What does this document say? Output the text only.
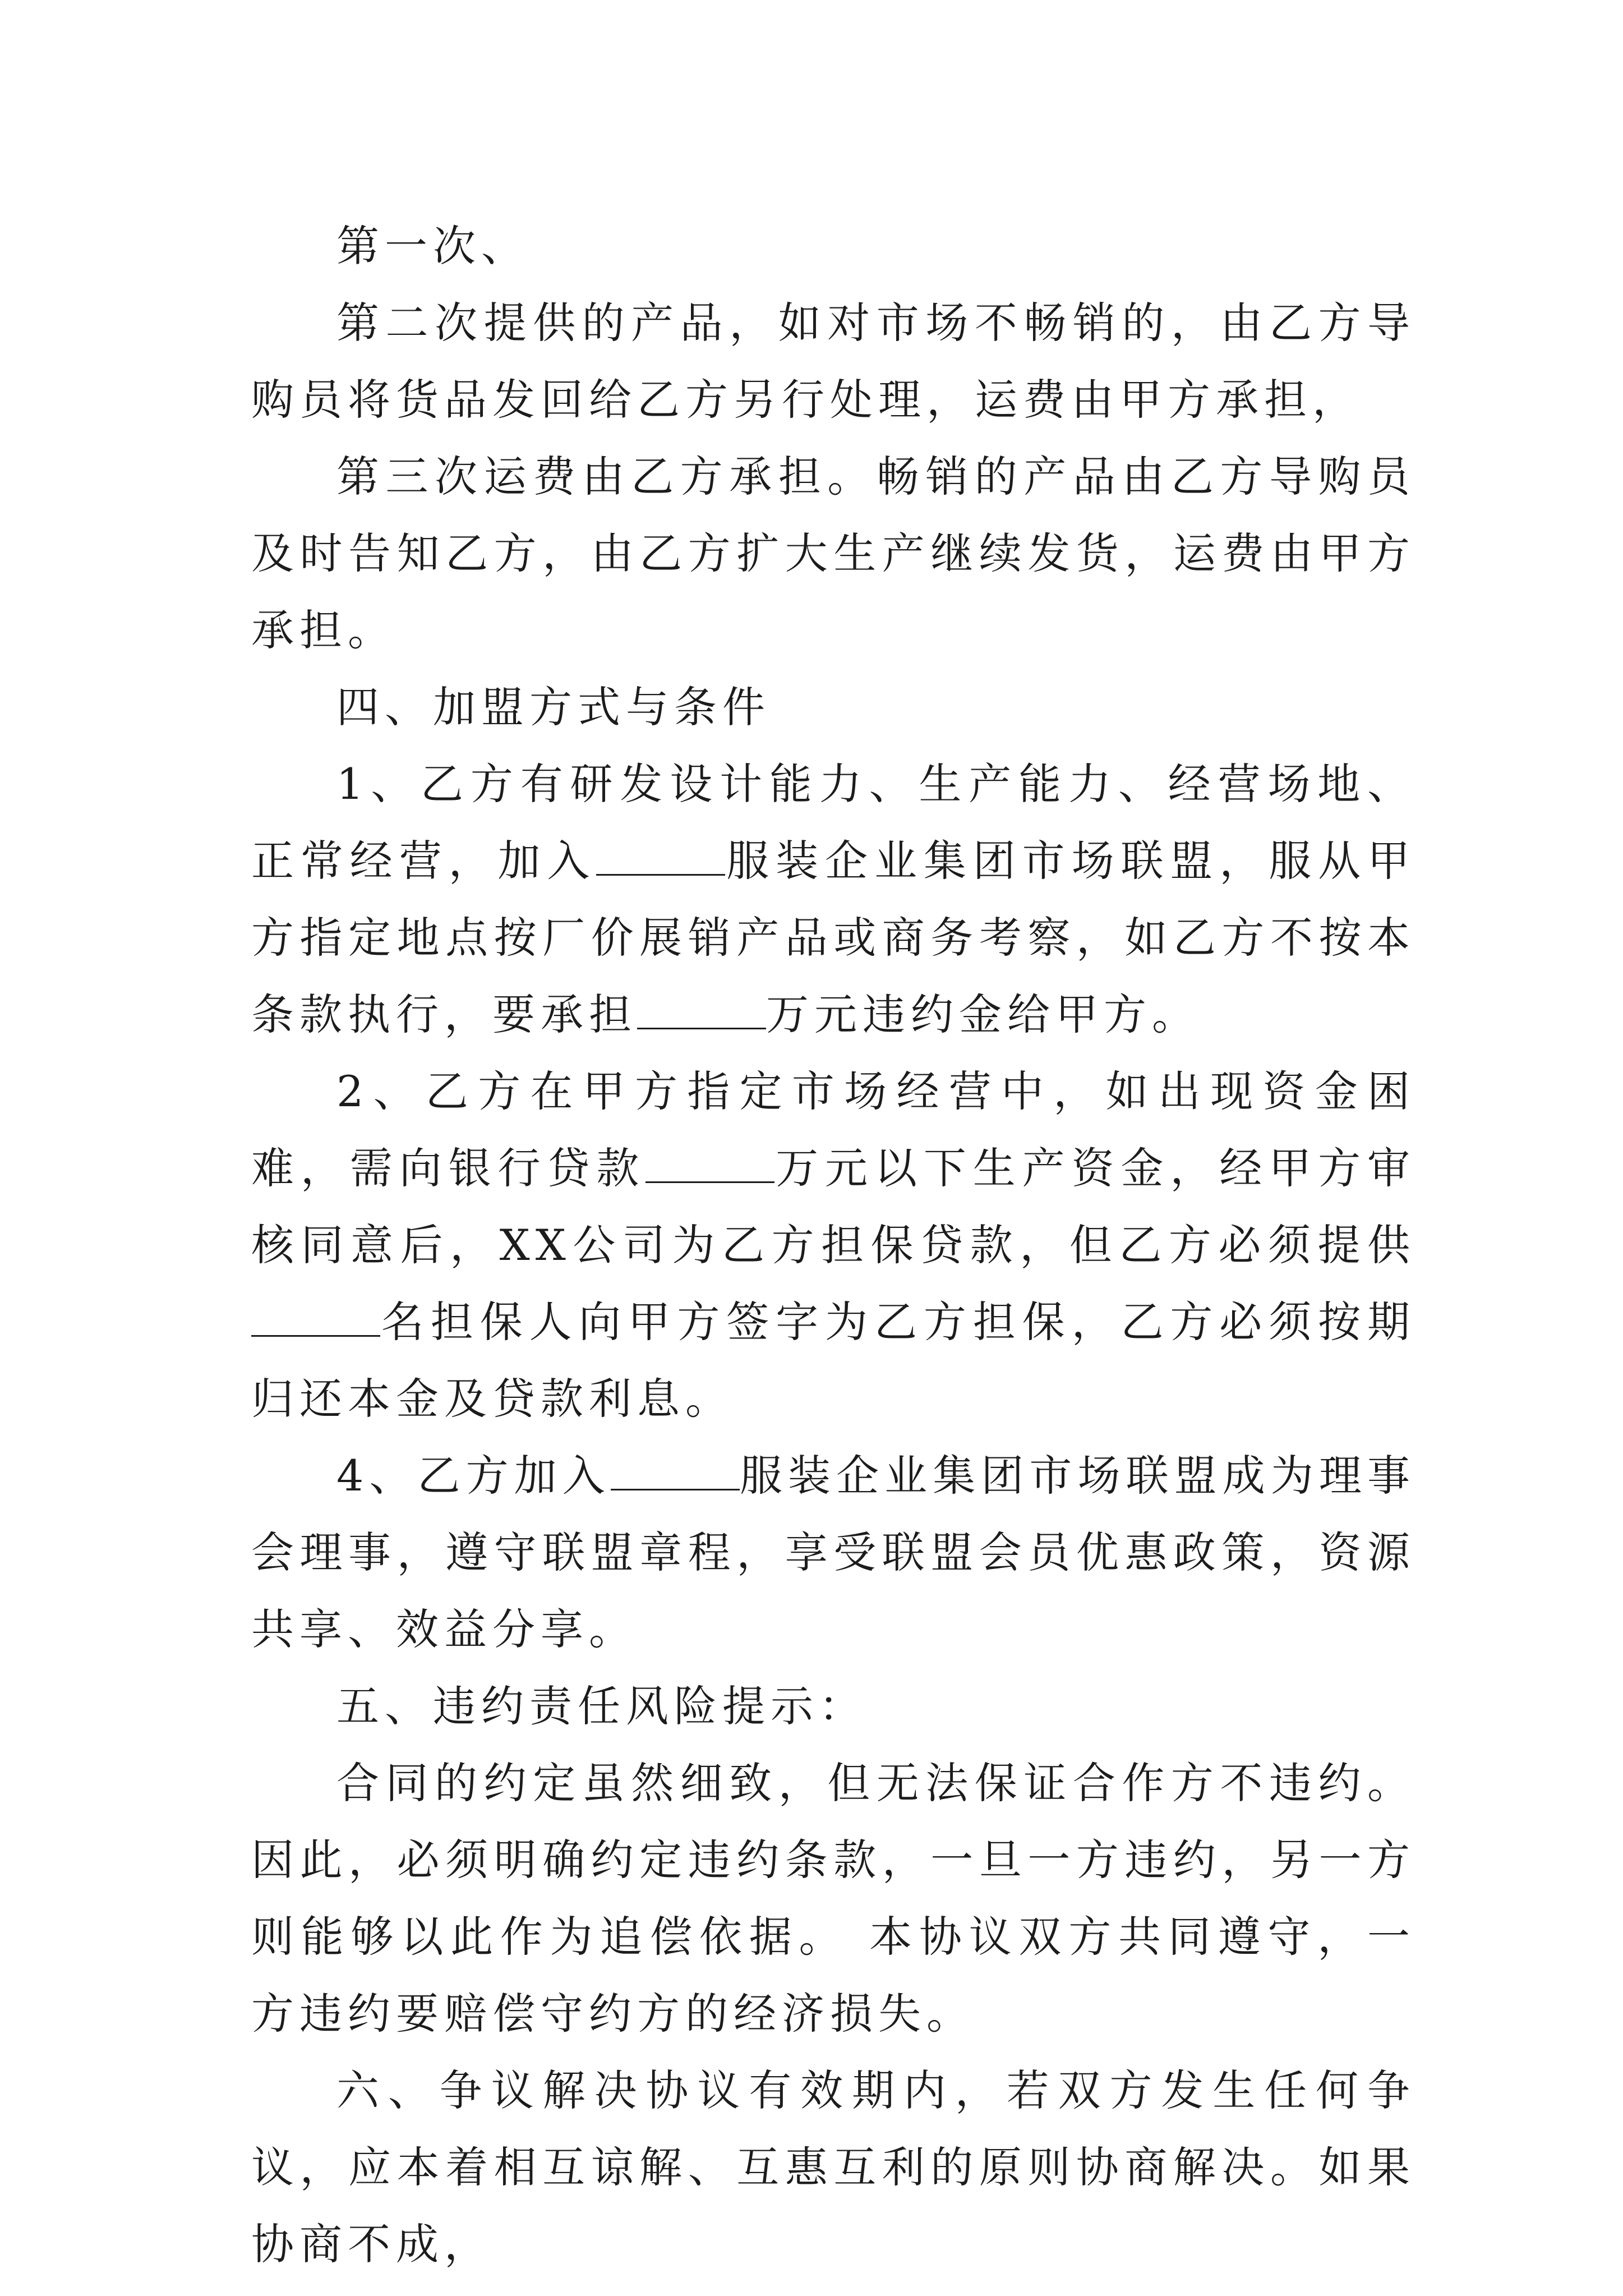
第一次、

第二次提供的产品，如对市场不畅销的，由乙方导购员将货品发回给乙方另行处理，运费由甲方承担，

第三次运费由乙方承担。畅销的产品由乙方导购员及时告知乙方，由乙方扩大生产继续发货，运费由甲方承担。

四、加盟方式与条件

1、乙方有研发设计能力、生产能力、经营场地、正常经营，加入	服装企业集团市场联盟，服从甲方指定地点按厂价展销产品或商务考察，如乙方不按本条款执行，要承担	万元违约金给甲方。

2、乙方在甲方指定市场经营中，如出现资金困难，需向银行贷款	万元以下生产资金，经甲方审核同意后，XX公司为乙方担保贷款，但乙方必须提供名担保人向甲方签字为乙方担保，乙方必须按期归还本金及贷款利息。

4、乙方加入	服装企业集团市场联盟成为理事会理事，遵守联盟章程，享受联盟会员优惠政策，资源共享、效益分享。

五、违约责任风险提示：

合同的约定虽然细致，但无法保证合作方不违约。因此，必须明确约定违约条款，一旦一方违约，另一方则能够以此作为追偿依据。 本协议双方共同遵守，一方违约要赔偿守约方的经济损失。

六、争议解决协议有效期内，若双方发生任何争议，应本着相互谅解、互惠互利的原则协商解决。如果协商不成，
